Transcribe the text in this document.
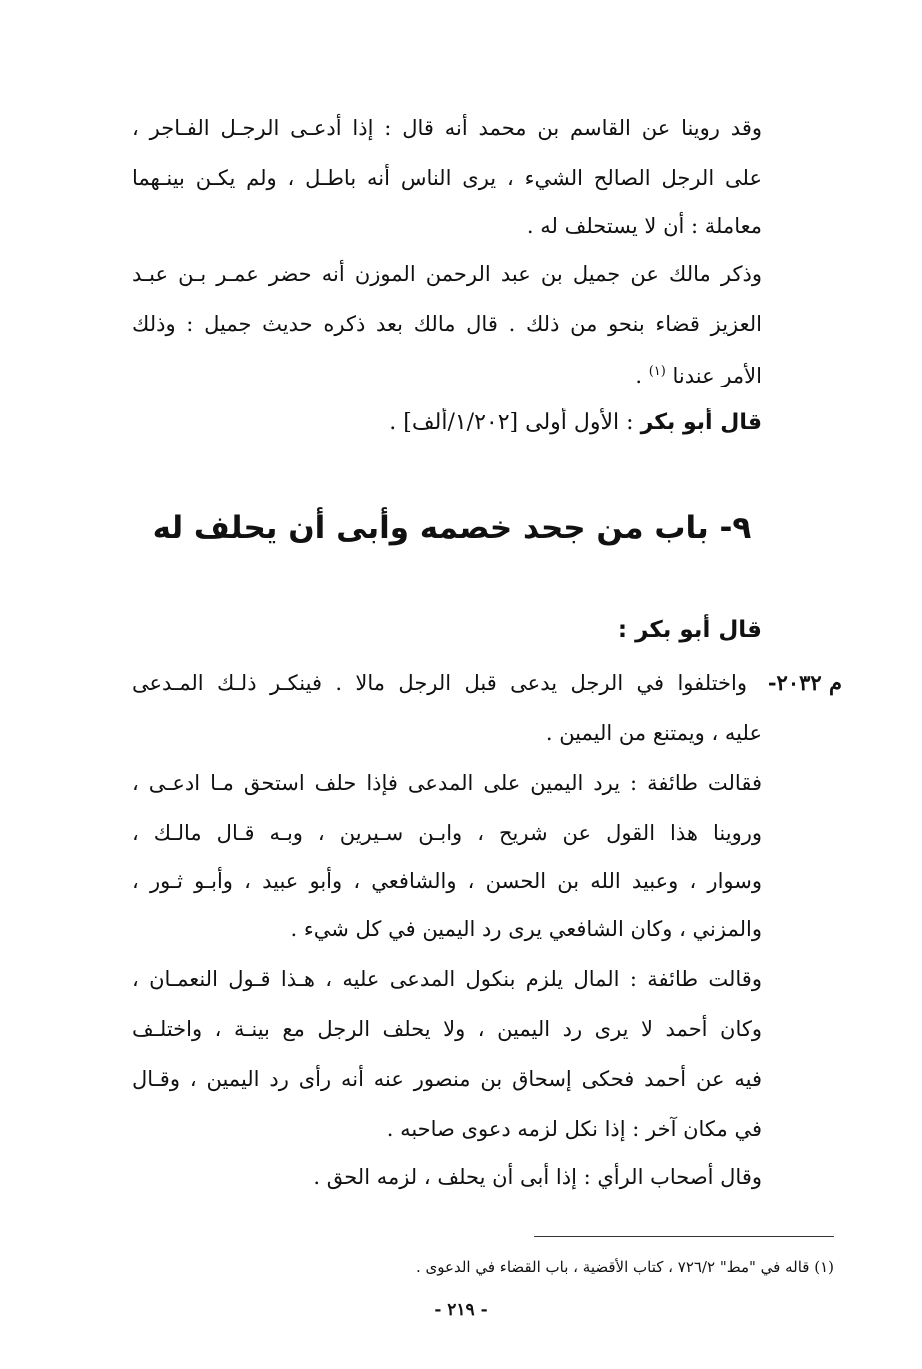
وقد روينا عن القاسم بن محمد أنه قال : إذا أدعـى الرجـل الفـاجر ،
على الرجل الصالح الشيء ، يرى الناس أنه باطـل ، ولم يكـن بينـهما
معاملة : أن لا يستحلف له .
وذكر مالك عن جميل بن عبد الرحمن الموزن أنه حضر عمـر بـن عبـد
العزيز قضاء بنحو من ذلك . قال مالك بعد ذكره حديث جميل : وذلك
الأمر عندنا $^{(١)}$ .
قال أبو بكر : الأول أولى [١/٢٠٢/ألف] .
٩- باب من جحد خصمه وأبى أن يحلف له
قال أبو بكر :
م ٢٠٣٢-
واختلفوا في الرجل يدعى قبل الرجل مالا . فينكـر ذلـك المـدعى
عليه ، ويمتنع من اليمين .
فقالت طائفة : يرد اليمين على المدعى فإذا حلف استحق مـا ادعـى ،
وروينا هذا القول عن شريح ، وابـن سـيرين ، وبـه قـال مالـك ،
وسوار ، وعبيد الله بن الحسن ، والشافعي ، وأبو عبيد ، وأبـو ثـور ،
والمزني ، وكان الشافعي يرى رد اليمين في كل شيء .
وقالت طائفة : المال يلزم بنكول المدعى عليه ، هـذا قـول النعمـان ،
وكان أحمد لا يرى رد اليمين ، ولا يحلف الرجل مع بينـة ، واختلـف
فيه عن أحمد فحكى إسحاق بن منصور عنه أنه رأى رد اليمين ، وقـال
في مكان آخر : إذا نكل لزمه دعوى صاحبه .
وقال أصحاب الرأي : إذا أبى أن يحلف ، لزمه الحق .
(١) قاله في "مط" ٧٢٦/٢ ، كتاب الأقضية ، باب القضاء في الدعوى .
- ٢١٩ -
